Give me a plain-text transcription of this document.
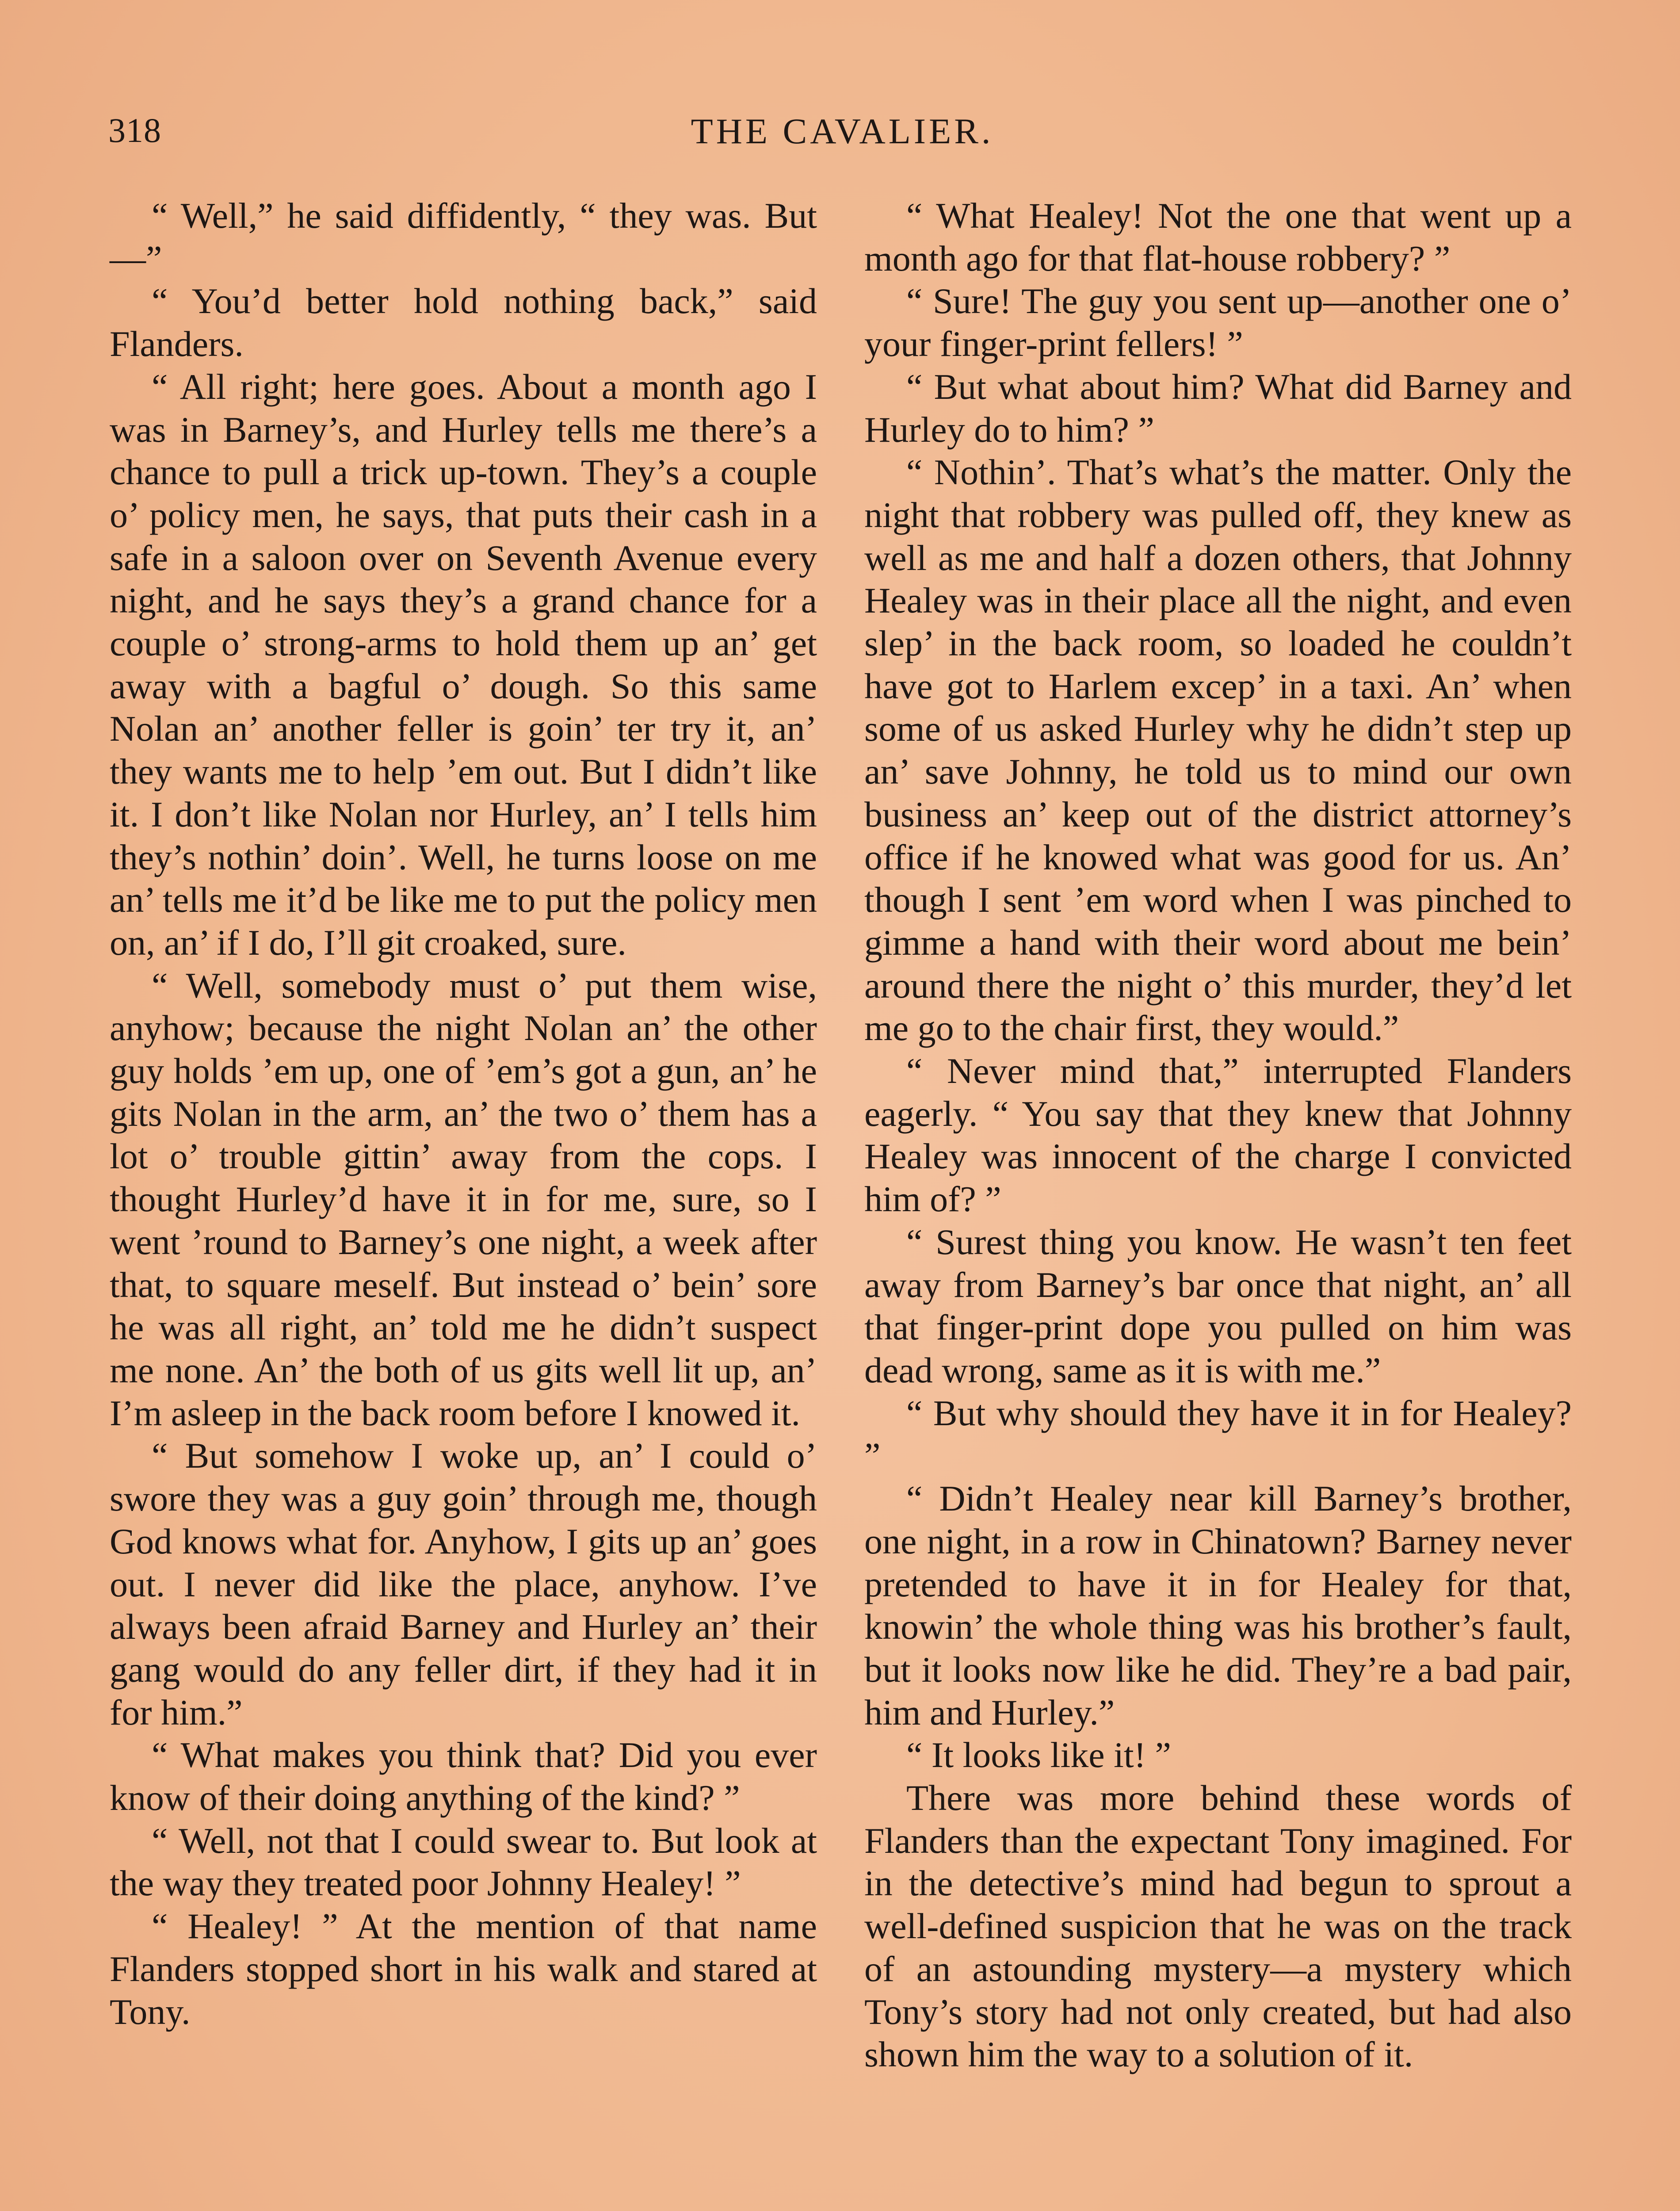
318	THE CAVALIER.

“ Well,” he said diffidently, “ they was. But—”

“ You’d better hold nothing back,” said Flanders.

“ All right; here goes. About a month ago I was in Barney’s, and Hurley tells me there’s a chance to pull a trick up-town. They’s a couple o’ policy men, he says, that puts their cash in a safe in a saloon over on Seventh Avenue every night, and he says they’s a grand chance for a couple o’ strong-arms to hold them up an’ get away with a bagful o’ dough. So this same Nolan an’ another feller is goin’ ter try it, an’ they wants me to help ’em out. But I didn’t like it. I don’t like Nolan nor Hurley, an’ I tells him they’s nothin’ doin’. Well, he turns loose on me an’ tells me it’d be like me to put the policy men on, an’ if I do, I’ll git croaked, sure.

“ Well, somebody must o’ put them wise, anyhow; because the night Nolan an’ the other guy holds ’em up, one of ’em’s got a gun, an’ he gits Nolan in the arm, an’ the two o’ them has a lot o’ trouble gittin’ away from the cops. I thought Hurley’d have it in for me, sure, so I went ’round to Barney’s one night, a week after that, to square meself. But instead o’ bein’ sore he was all right, an’ told me he didn’t suspect me none. An’ the both of us gits well lit up, an’ I’m asleep in the back room before I knowed it.

“ But somehow I woke up, an’ I could o’ swore they was a guy goin’ through me, though God knows what for. Anyhow, I gits up an’ goes out. I never did like the place, anyhow. I’ve always been afraid Barney and Hurley an’ their gang would do any feller dirt, if they had it in for him.”

“ What makes you think that? Did you ever know of their doing anything of the kind? ”

“ Well, not that I could swear to. But look at the way they treated poor Johnny Healey! ”

“ Healey! ” At the mention of that name Flanders stopped short in his walk and stared at Tony.

“ What Healey! Not the one that went up a month ago for that flat-house robbery? ”

“ Sure! The guy you sent up—another one o’ your finger-print fellers! ”

“ But what about him? What did Barney and Hurley do to him? ”

“ Nothin’. That’s what’s the matter. Only the night that robbery was pulled off, they knew as well as me and half a dozen others, that Johnny Healey was in their place all the night, and even slep’ in the back room, so loaded he couldn’t have got to Harlem excep’ in a taxi. An’ when some of us asked Hurley why he didn’t step up an’ save Johnny, he told us to mind our own business an’ keep out of the district attorney’s office if he knowed what was good for us. An’ though I sent ’em word when I was pinched to gimme a hand with their word about me bein’ around there the night o’ this murder, they’d let me go to the chair first, they would.”

“ Never mind that,” interrupted Flanders eagerly. “ You say that they knew that Johnny Healey was innocent of the charge I convicted him of? ”

“ Surest thing you know. He wasn’t ten feet away from Barney’s bar once that night, an’ all that finger-print dope you pulled on him was dead wrong, same as it is with me.”

“ But why should they have it in for Healey? ”

“ Didn’t Healey near kill Barney’s brother, one night, in a row in Chinatown? Barney never pretended to have it in for Healey for that, knowin’ the whole thing was his brother’s fault, but it looks now like he did. They’re a bad pair, him and Hurley.”

“ It looks like it! ”

There was more behind these words of Flanders than the expectant Tony imagined. For in the detective’s mind had begun to sprout a well-defined suspicion that he was on the track of an astounding mystery—a mystery which Tony’s story had not only created, but had also shown him the way to a solution of it.
